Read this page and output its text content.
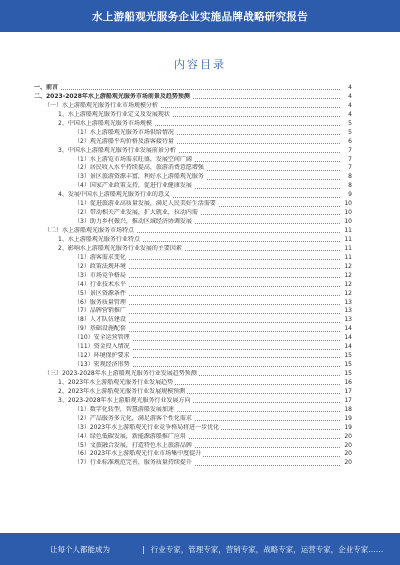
水上游船观光服务企业实施品牌战略研究报告
内容目录
一、前言	4
二、2023-2028年水上游船观光服务市场前景及趋势预测	4
（一）水上游船观光服务行业市场规模分析	4
1、水上游船观光服务行业定义及发展现状	4
2、中国水上游船观光服务市场规模	5
（1）水上游船观光服务市场供给情况	5
（2）观光游船平均价格及游客接待量	6
3、中国水上游船观光服务行业发展前景分析	7
（1）水上游览市场需求旺盛，发展空间广阔	7
（2）居民收入水平持续提高，旅游消费意愿增强	7
（3）景区旅游资源丰富，利好水上游船观光服务	8
（4）国家产业政策支持，促进行业健康发展	8
4、发展中国水上游船观光服务行业的意义	9
（1）促进旅游业高质量发展，满足人民美好生活需要	10
（2）带动相关产业发展，扩大就业，拉动内需	10
（3）助力乡村振兴，推动区域经济协调发展	10
（二）水上游船观光服务市场特点	11
1、水上游船观光服务行业特点	11
2、影响水上游船观光服务行业发展的主要因素	11
（1）游客需求变化	11
（2）政策法规环境	12
（3）市场竞争格局	12
（4）行业技术水平	12
（5）景区资源条件	12
（6）服务质量管理	13
（7）品牌营销推广	13
（8）人才队伍建设	13
（9）基础设施配套	14
（10）安全运营管理	14
（11）资金投入情况	14
（12）环境保护要求	15
（13）宏观经济形势	15
（三）2023-2028年水上游船观光服务行业发展趋势预测	15
1、2023年水上游船观光服务行业发展趋势	16
2、2023年水上游船观光服务行业发展规模预测	17
3、2023-2028年水上游船观光服务行业发展方向	17
（1）数字化转型，智慧游船发展加速	18
（2）产品服务多元化，满足游客个性化需求	19
（3）2023年水上游船观光行业竞争格局将进一步优化	19
（4）绿色低碳发展，新能源游船推广应用	20
（5）文旅融合发展，打造特色水上旅游品牌	20
（6）2023年水上游船观光行业市场集中度提升	20
（7）行业标准规范完善，服务质量持续提升	20
让每个人都能成为	| 行业专家，管理专家，营销专家，战略专家，运营专家，企业专家……
